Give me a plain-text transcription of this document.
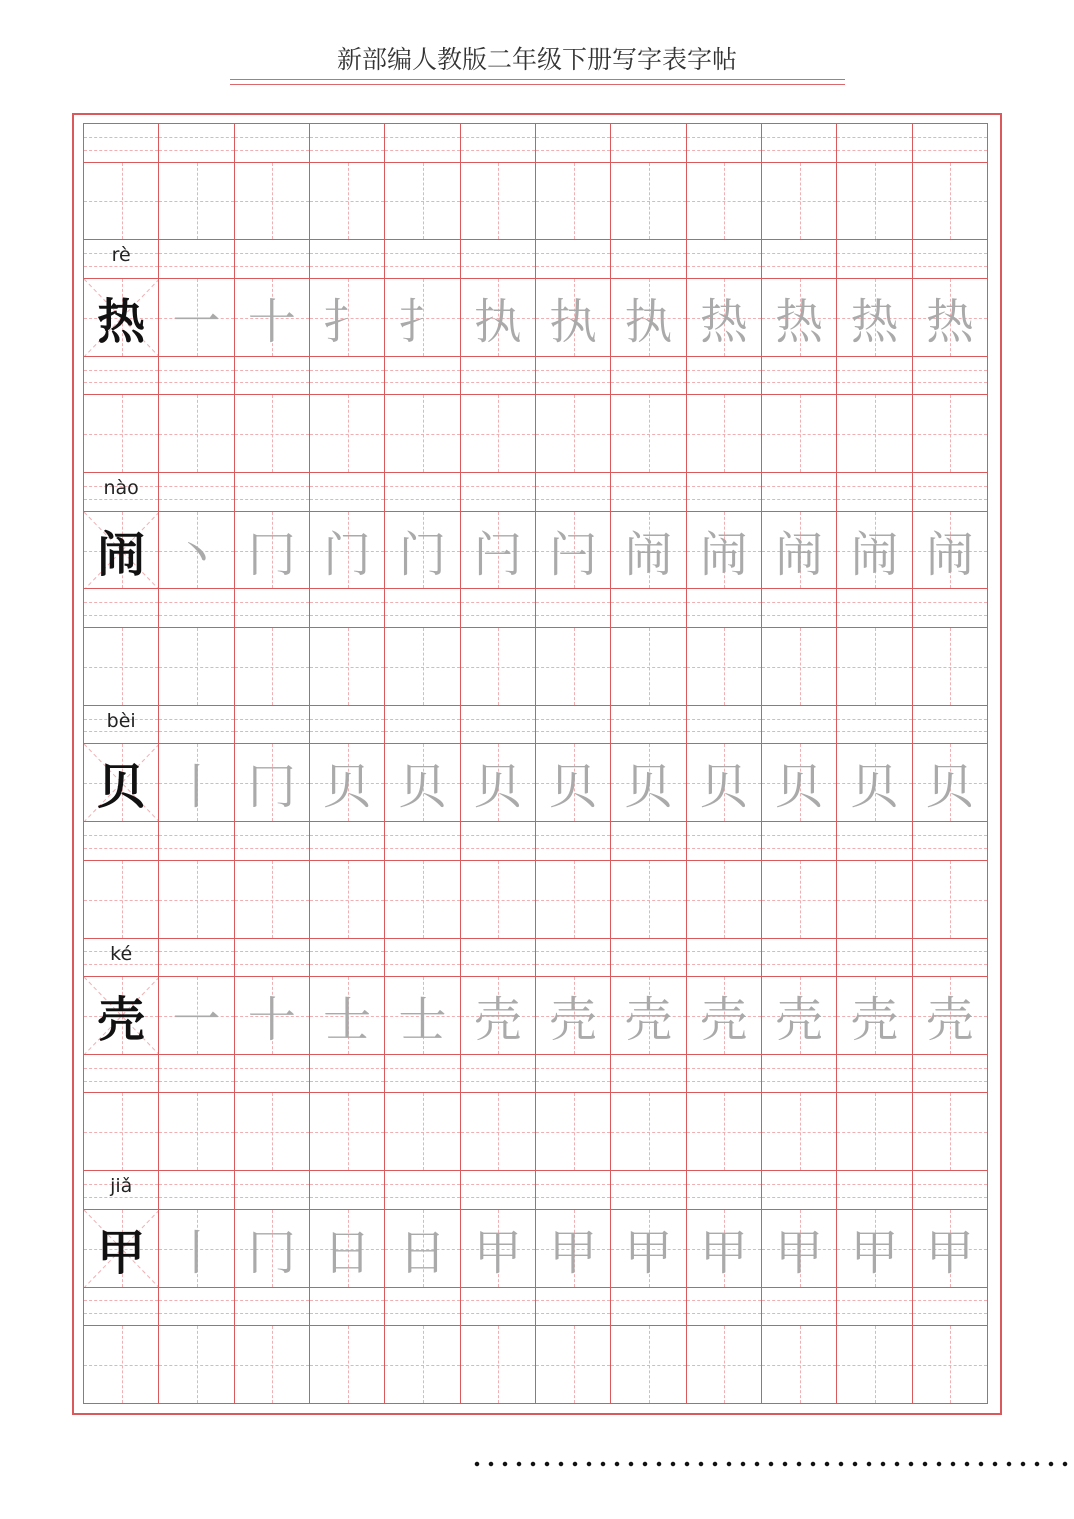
新部编人教版二年级下册写字表字帖
rè
热 一 十 扌 扌 执 执 执 热 热 热 热
nào
闹 丶 冂 门 门 闩 闩 闹 闹 闹 闹 闹
bèi
贝 丨 冂 贝 贝 贝 贝 贝 贝 贝 贝 贝
ké
壳 一 十 士 士 壳 壳 壳 壳 壳 壳 壳
jiǎ
甲 丨 冂 日 日 甲 甲 甲 甲 甲 甲 甲
